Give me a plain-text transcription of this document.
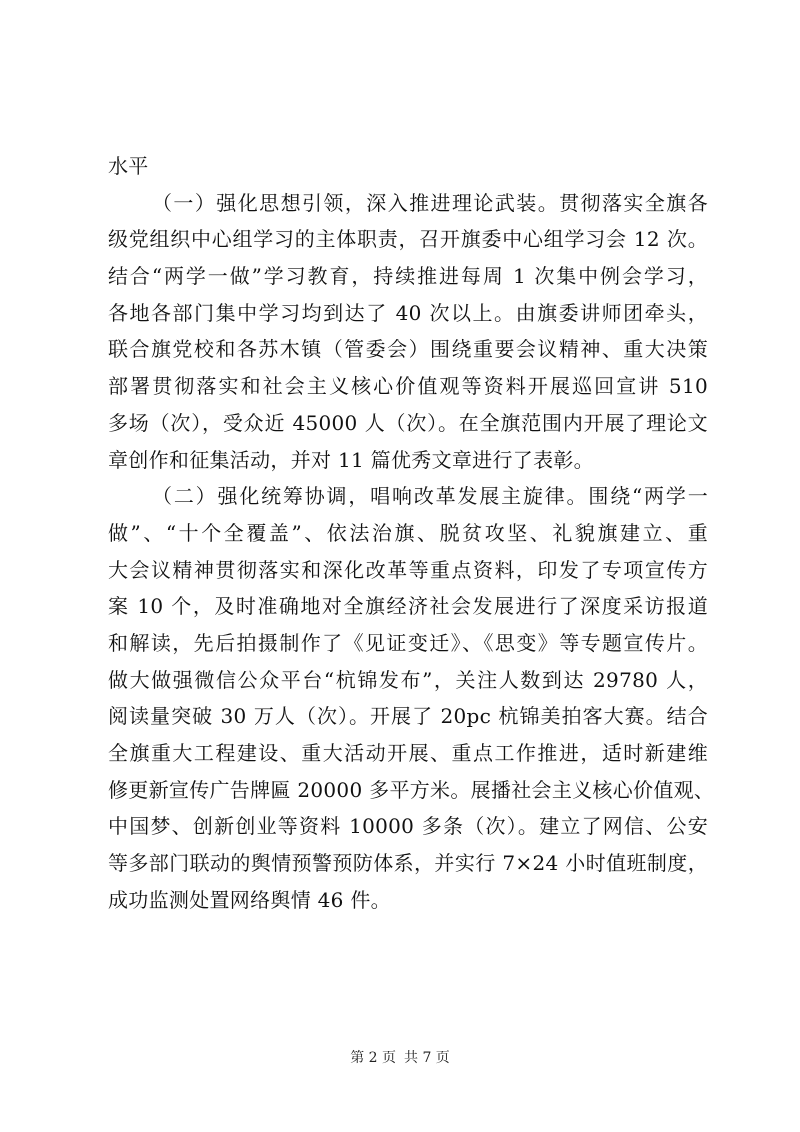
水平
（一）强化思想引领，深入推进理论武装。贯彻落实全旗各
级党组织中心组学习的主体职责，召开旗委中心组学习会 12 次。
结合“两学一做”学习教育，持续推进每周 1 次集中例会学习，
各地各部门集中学习均到达了 40 次以上。由旗委讲师团牵头，
联合旗党校和各苏木镇（管委会）围绕重要会议精神、重大决策
部署贯彻落实和社会主义核心价值观等资料开展巡回宣讲 510
多场（次），受众近 45000 人（次）。在全旗范围内开展了理论文
章创作和征集活动，并对 11 篇优秀文章进行了表彰。
（二）强化统筹协调，唱响改革发展主旋律。围绕“两学一
做”、“十个全覆盖”、依法治旗、脱贫攻坚、礼貌旗建立、重
大会议精神贯彻落实和深化改革等重点资料，印发了专项宣传方
案 10 个，及时准确地对全旗经济社会发展进行了深度采访报道
和解读，先后拍摄制作了《见证变迁》、《思变》等专题宣传片。
做大做强微信公众平台“杭锦发布”，关注人数到达 29780 人，
阅读量突破 30 万人（次）。开展了 20pc 杭锦美拍客大赛。结合
全旗重大工程建设、重大活动开展、重点工作推进，适时新建维
修更新宣传广告牌匾 20000 多平方米。展播社会主义核心价值观、
中国梦、创新创业等资料 10000 多条（次）。建立了网信、公安
等多部门联动的舆情预警预防体系，并实行 7×24 小时值班制度，
成功监测处置网络舆情 46 件。
第 2 页 共 7 页
